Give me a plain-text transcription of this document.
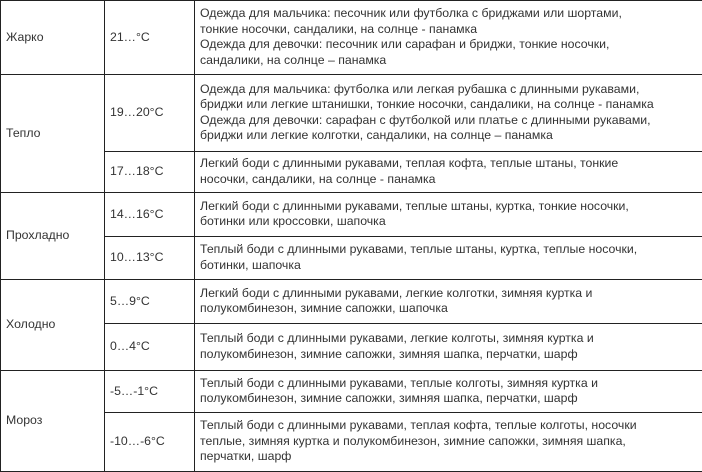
Жарко	21…°C	Одежда для мальчика: песочник или футболка с бриджами или шортами,
тонкие носочки, сандалики, на солнце - панамка
Одежда для девочки: песочник или сарафан и бриджи, тонкие носочки,
сандалики, на солнце – панамка

Тепло	19…20°C	Одежда для мальчика: футболка или легкая рубашка с длинными рукавами,
бриджи или легкие штанишки, тонкие носочки, сандалики, на солнце - панамка
Одежда для девочки: сарафан с футболкой или платье с длинными рукавами,
бриджи или легкие колготки, сандалики, на солнце – панамка

	17…18°C	Легкий боди с длинными рукавами, теплая кофта, теплые штаны, тонкие
носочки, сандалики, на солнце - панамка

Прохладно	14…16°C	Легкий боди с длинными рукавами, теплые штаны, куртка, тонкие носочки,
ботинки или кроссовки, шапочка

	10…13°C	Теплый боди с длинными рукавами, теплые штаны, куртка, теплые носочки,
ботинки, шапочка

Холодно	5…9°C	Легкий боди с длинными рукавами, легкие колготки, зимняя куртка и
полукомбинезон, зимние сапожки, шапочка

	0…4°C	Теплый боди с длинными рукавами, легкие колготы, зимняя куртка и
полукомбинезон, зимние сапожки, зимняя шапка, перчатки, шарф

Мороз	-5…-1°C	Теплый боди с длинными рукавами, теплые колготы, зимняя куртка и
полукомбинезон, зимние сапожки, зимняя шапка, перчатки, шарф

	-10…-6°C	Теплый боди с длинными рукавами, теплая кофта, теплые колготы, носочки
теплые, зимняя куртка и полукомбинезон, зимние сапожки, зимняя шапка,
перчатки, шарф
